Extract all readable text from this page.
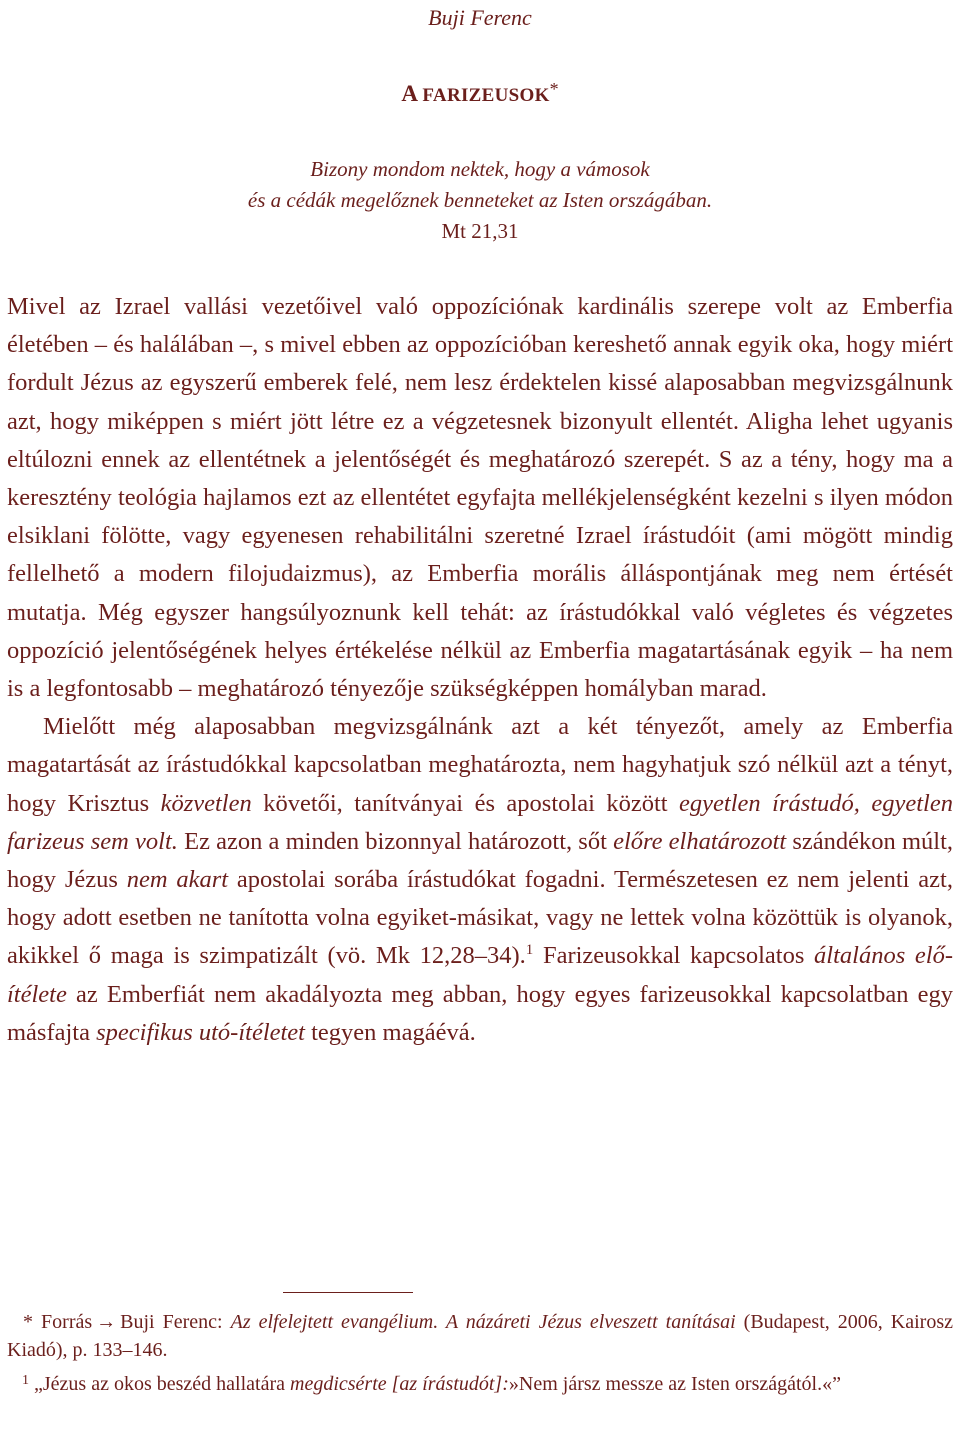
Buji Ferenc
A FARIZEUSOK*
Bizony mondom nektek, hogy a vámosok
és a cédák megelőznek benneteket az Isten országában.
Mt 21,31

Mivel az Izrael vallási vezetőivel való oppozíciónak kardinális szerepe volt az Emberfia életében – és halálában –, s mivel ebben az oppozícióban kereshető annak egyik oka, hogy miért fordult Jézus az egyszerű emberek felé, nem lesz érdektelen kissé alaposabban megvizsgálnunk azt, hogy miképpen s miért jött létre ez a végzetesnek bizonyult ellentét. Aligha lehet ugyanis eltúlozni ennek az ellentétnek a jelentőségét és meghatározó szerepét. S az a tény, hogy ma a keresztény teológia hajlamos ezt az ellentétet egyfajta mellékjelenségként kezelni s ilyen módon elsiklani fölötte, vagy egyenesen rehabilitálni szeretné Izrael írástudóit (ami mögött mindig fellelhető a modern filojudaizmus), az Emberfia morális álláspontjának meg nem értését mutatja. Még egyszer hangsúlyoznunk kell tehát: az írástudókkal való végletes és végzetes oppozíció jelentőségének helyes értékelése nélkül az Emberfia magatartásának egyik – ha nem is a legfontosabb – meghatározó tényezője szükségképpen homályban marad.

Mielőtt még alaposabban megvizsgálnánk azt a két tényezőt, amely az Emberfia magatartását az írástudókkal kapcsolatban meghatározta, nem hagyhatjuk szó nélkül azt a tényt, hogy Krisztus közvetlen követői, tanítványai és apostolai között egyetlen írástudó, egyetlen farizeus sem volt. Ez azon a minden bizonnyal határozott, sőt előre elhatározott szándékon múlt, hogy Jézus nem akart apostolai sorába írástudókat fogadni. Természetesen ez nem jelenti azt, hogy adott esetben ne tanította volna egyiket-másikat, vagy ne lettek volna közöttük is olyanok, akikkel ő maga is szimpatizált (vö. Mk 12,28–34).$^1$ Farizeusokkal kapcsolatos általános elő-ítélete az Emberfiát nem akadályozta meg abban, hogy egyes farizeusokkal kapcsolatban egy másfajta specifikus utó-ítéletet tegyen magáévá.

* Forrás → Buji Ferenc: Az elfelejtett evangélium. A názáreti Jézus elveszett tanításai (Budapest, 2006, Kairosz Kiadó), p. 133–146.

$^1$ „Jézus az okos beszéd hallatára megdicsérte [az írástudót]:»Nem jársz messze az Isten országától.«”
